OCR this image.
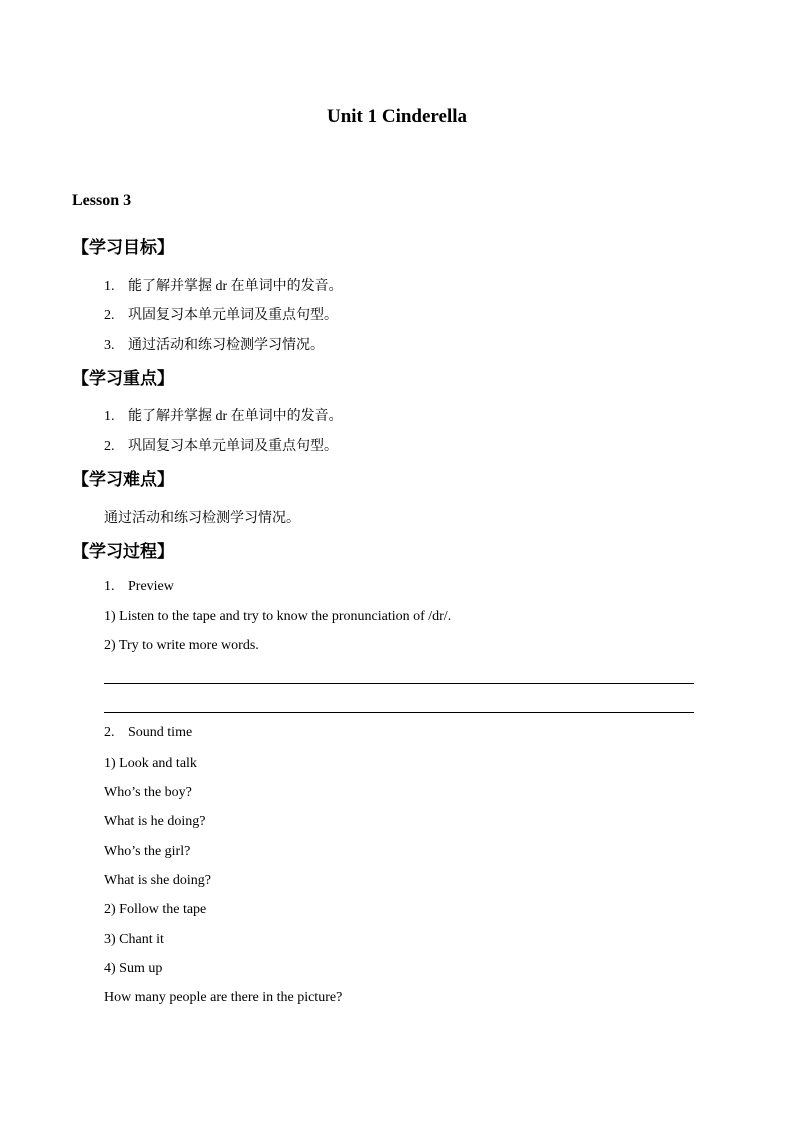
Unit 1 Cinderella
Lesson 3
【学习目标】
1. 能了解并掌握 dr 在单词中的发音。
2. 巩固复习本单元单词及重点句型。
3. 通过活动和练习检测学习情况。
【学习重点】
1. 能了解并掌握 dr 在单词中的发音。
2. 巩固复习本单元单词及重点句型。
【学习难点】
通过活动和练习检测学习情况。
【学习过程】
1. Preview
1) Listen to the tape and try to know the pronunciation of /dr/.
2) Try to write more words.
2. Sound time
1) Look and talk
Who’s the boy?
What is he doing?
Who’s the girl?
What is she doing?
2) Follow the tape
3) Chant it
4) Sum up
How many people are there in the picture?
